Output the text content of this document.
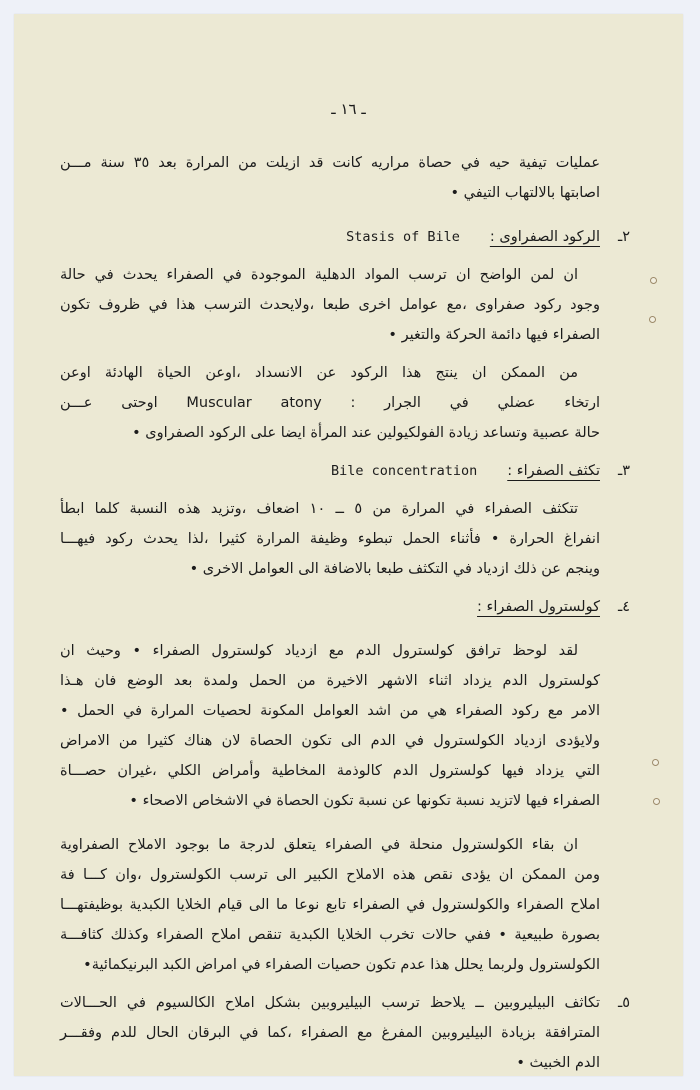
ـ ١٦ ـ
عمليات تيفية حيه في حصاة مراريه كانت قد ازيلت من المرارة بعد ٣٥ سنة مـــن
اصابتها بالالتهاب التيفي •
٢ـ
الركود الصفراوى :
Stasis of Bile
ان لمن الواضح ان ترسب المواد الدهلية الموجودة في الصفراء يحدث في حالة
وجود ركود صفراوى ،مع عوامل اخرى طبعا ،ولايحدث الترسب هذا في ظروف تكون
الصفراء فيها دائمة الحركة والتغير •
من الممكن ان ينتج هذا الركود عن الانسداد ،اوعن الحياة الهادئة اوعن
ارتخاء عضلي في الجرار : Muscular atony اوحتى عـــن
حالة عصبية وتساعد زيادة الفولكيولين عند المرأة ايضا على الركود الصفراوى •
٣ـ
تكثف الصفراء :
Bile concentration
تتكثف الصفراء في المرارة من ٥ ــ ١٠ اضعاف ،وتزيد هذه النسبة كلما ابطأ
انفراغ الحرارة • فأثناء الحمل تبطوء وظيفة المرارة كثيرا ،لذا يحدث ركود فيهـــا
وينجم عن ذلك ازدياد في التكثف طبعا بالاضافة الى العوامل الاخرى •
٤ـ
كولسترول الصفراء :
لقد لوحظ ترافق كولسترول الدم مع ازدياد كولسترول الصفراء • وحيث ان
كولسترول الدم يزداد اثناء الاشهر الاخيرة من الحمل ولمدة بعد الوضع فان هـذا
الامر مع ركود الصفراء هي من اشد العوامل المكونة لحصيات المرارة في الحمل •
ولايؤدى ازدياد الكولسترول في الدم الى تكون الحصاة لان هناك كثيرا من الامراض
التي يزداد فيها كولسترول الدم كالوذمة المخاطية وأمراض الكلي ،غيران حصـــاة
الصفراء فيها لاتزيد نسبة تكونها عن نسبة تكون الحصاة في الاشخاص الاصحاء •
ان بقاء الكولسترول منحلة في الصفراء يتعلق لدرجة ما بوجود الاملاح الصفراوية
ومن الممكن ان يؤدى نقص هذه الاملاح الكبير الى ترسب الكولسترول ،وان كـــا فة
املاح الصفراء والكولسترول في الصفراء تابع نوعا ما الى قيام الخلايا الكبدية بوظيفتهـــا
بصورة طبيعية • ففي حالات تخرب الخلايا الكبدية تنقص املاح الصفراء وكذلك كثافـــة
الكولسترول ولربما يحلل هذا عدم تكون حصيات الصفراء في امراض الكبد البرنيكمائية•
٥ـ
تكاثف البيليروبين ــ يلاحظ ترسب البيليروبين بشكل املاح الكالسيوم في الحـــالات
المترافقة بزيادة البيليروبين المفرغ مع الصفراء ،كما في البرقان الحال للدم وفقـــر
الدم الخبيث •
